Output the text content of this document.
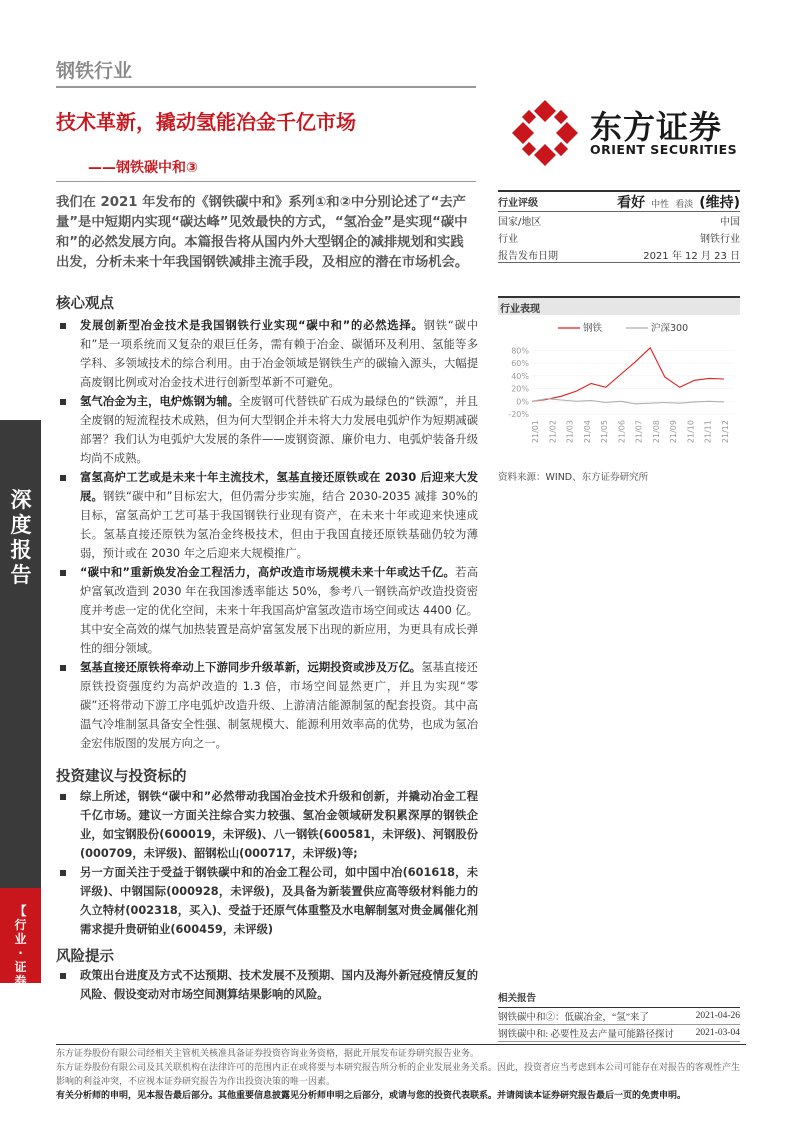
深度报告
【行业·证券】
钢铁行业
技术革新，撬动氢能冶金千亿市场
——钢铁碳中和③
我们在 2021 年发布的《钢铁碳中和》系列①和②中分别论述了“去产量”是中短期内实现“碳达峰”见效最快的方式，“氢冶金”是实现“碳中和”的必然发展方向。本篇报告将从国内外大型钢企的减排规划和实践出发，分析未来十年我国钢铁减排主流手段，及相应的潜在市场机会。
核心观点
发展创新型冶金技术是我国钢铁行业实现“碳中和”的必然选择。钢铁“碳中和”是一项系统而又复杂的艰巨任务，需有赖于冶金、碳循环及利用、氢能等多学科、多领域技术的综合利用。由于冶金领域是钢铁生产的碳输入源头，大幅提高废钢比例或对冶金技术进行创新型革新不可避免。
氢气冶金为主，电炉炼钢为辅。全废钢可代替铁矿石成为最绿色的“铁源”，并且全废钢的短流程技术成熟，但为何大型钢企并未将大力发展电弧炉作为短期减碳部署？我们认为电弧炉大发展的条件——废钢资源、廉价电力、电弧炉装备升级均尚不成熟。
富氢高炉工艺或是未来十年主流技术，氢基直接还原铁或在 2030 后迎来大发展。钢铁“碳中和”目标宏大，但仍需分步实施，结合 2030-2035 减排 30%的目标，富氢高炉工艺可基于我国钢铁行业现有资产，在未来十年或迎来快速成长。氢基直接还原铁为氢冶金终极技术，但由于我国直接还原铁基础仍较为薄弱，预计或在 2030 年之后迎来大规模推广。
“碳中和”重新焕发冶金工程活力，高炉改造市场规模未来十年或达千亿。若高炉富氧改造到 2030 年在我国渗透率能达 50%，参考八一钢铁高炉改造投资密度并考虑一定的优化空间，未来十年我国高炉富氢改造市场空间或达 4400 亿。其中安全高效的煤气加热装置是高炉富氢发展下出现的新应用，为更具有成长弹性的细分领域。
氢基直接还原铁将牵动上下游同步升级革新，远期投资或涉及万亿。氢基直接还原铁投资强度约为高炉改造的 1.3 倍，市场空间显然更广，并且为实现“零碳”还将带动下游工序电弧炉改造升级、上游清洁能源制氢的配套投资。其中高温气冷堆制氢具备安全性强、制氢规模大、能源利用效率高的优势，也成为氢冶金宏伟版图的发展方向之一。
投资建议与投资标的
综上所述，钢铁“碳中和”必然带动我国冶金技术升级和创新，并撬动冶金工程千亿市场。建议一方面关注综合实力较强、氢冶金领域研发积累深厚的钢铁企业，如宝钢股份(600019，未评级)、八一钢铁(600581，未评级)、河钢股份(000709，未评级)、韶钢松山(000717，未评级)等;
另一方面关注于受益于钢铁碳中和的冶金工程公司，如中国中冶(601618，未评级)、中钢国际(000928，未评级)，及具备为新装置供应高等级材料能力的久立特材(002318，买入)、受益于还原气体重整及水电解制氢对贵金属催化剂需求提升贵研铂业(600459，未评级)
风险提示
政策出台进度及方式不达预期、技术发展不及预期、国内及海外新冠疫情反复的风险、假设变动对市场空间测算结果影响的风险。
东方证券
ORIENT SECURITIES
行业评级	看好 中性 看淡 (维持)
国家/地区	中国
行业	钢铁行业
报告发布日期	2021 年 12 月 23 日
行业表现
钢铁	沪深300
80%
60%
40%
20%
0%
-20%
21/01 21/02 21/03 21/04 21/05 21/06 21/07 21/08 21/09 21/10 21/11 21/12
资料来源：WIND、东方证券研究所
相关报告
钢铁碳中和②：低碳冶金，“氢”来了	2021-04-26
钢铁碳中和: 必要性及去产量可能路径探讨 2021-03-04
东方证券股份有限公司经相关主管机关核准具备证券投资咨询业务资格，据此开展发布证券研究报告业务。
东方证券股份有限公司及其关联机构在法律许可的范围内正在或将要与本研究报告所分析的企业发展业务关系。因此，投资者应当考虑到本公司可能存在对报告的客观性产生影响的利益冲突，不应视本证券研究报告为作出投资决策的唯一因素。
有关分析师的申明，见本报告最后部分。其他重要信息披露见分析师申明之后部分，或请与您的投资代表联系。并请阅读本证券研究报告最后一页的免责申明。
